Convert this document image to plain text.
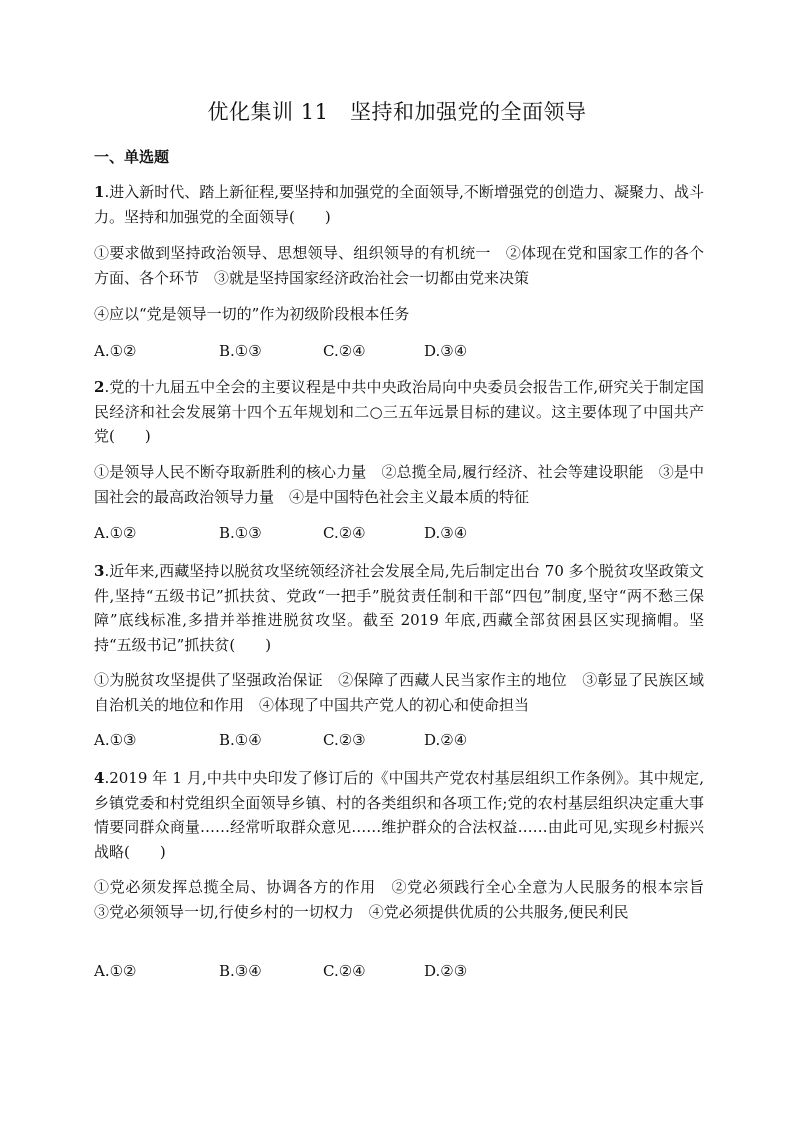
优化集训 11　坚持和加强党的全面领导
一、单选题
1.进入新时代、踏上新征程,要坚持和加强党的全面领导,不断增强党的创造力、凝聚力、战斗力。坚持和加强党的全面领导(　　)
①要求做到坚持政治领导、思想领导、组织领导的有机统一　②体现在党和国家工作的各个方面、各个环节　③就是坚持国家经济政治社会一切都由党来决策
④应以“党是领导一切的”作为初级阶段根本任务
A.①②	B.①③	C.②④	D.③④
2.党的十九届五中全会的主要议程是中共中央政治局向中央委员会报告工作,研究关于制定国民经济和社会发展第十四个五年规划和二○三五年远景目标的建议。这主要体现了中国共产党(　　)
①是领导人民不断夺取新胜利的核心力量　②总揽全局,履行经济、社会等建设职能　③是中国社会的最高政治领导力量　④是中国特色社会主义最本质的特征
A.①②	B.①③	C.②④	D.③④
3.近年来,西藏坚持以脱贫攻坚统领经济社会发展全局,先后制定出台 70 多个脱贫攻坚政策文件,坚持“五级书记”抓扶贫、党政“一把手”脱贫责任制和干部“四包”制度,坚守“两不愁三保障”底线标准,多措并举推进脱贫攻坚。截至 2019 年底,西藏全部贫困县区实现摘帽。坚持“五级书记”抓扶贫(　　)
①为脱贫攻坚提供了坚强政治保证　②保障了西藏人民当家作主的地位　③彰显了民族区域自治机关的地位和作用　④体现了中国共产党人的初心和使命担当
A.①③	B.①④	C.②③	D.②④
4.2019 年 1 月,中共中央印发了修订后的《中国共产党农村基层组织工作条例》。其中规定,乡镇党委和村党组织全面领导乡镇、村的各类组织和各项工作;党的农村基层组织决定重大事情要同群众商量……经常听取群众意见……维护群众的合法权益……由此可见,实现乡村振兴战略(　　)
①党必须发挥总揽全局、协调各方的作用　②党必须践行全心全意为人民服务的根本宗旨　③党必须领导一切,行使乡村的一切权力　④党必须提供优质的公共服务,便民利民
A.①②	B.③④	C.②④	D.②③
